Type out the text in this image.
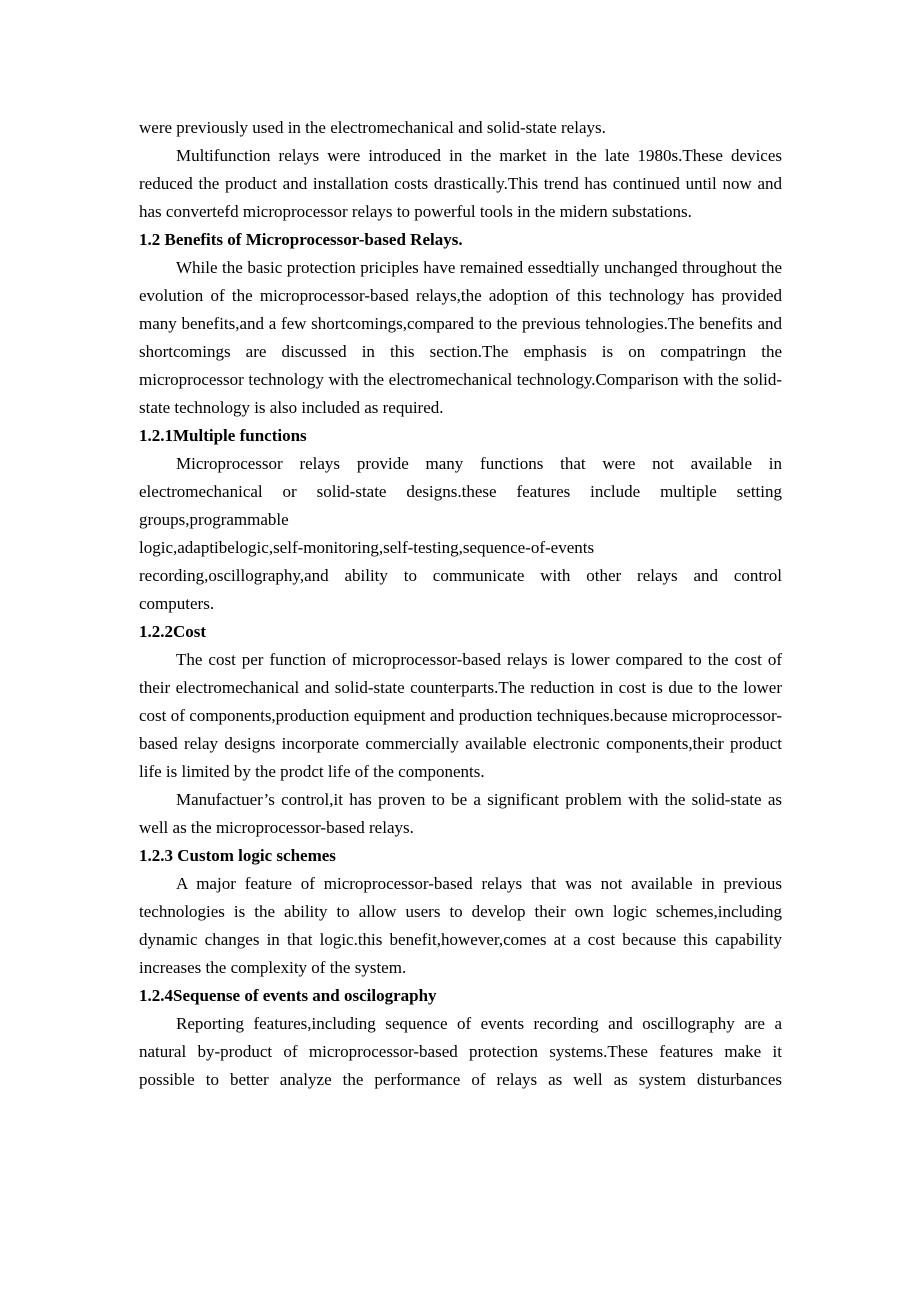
were previously used in the electromechanical and solid-state relays.

Multifunction relays were introduced in the market in the late 1980s.These devices reduced the product and installation costs drastically.This trend has continued until now and has convertefd microprocessor relays to powerful tools in the midern substations.

1.2 Benefits of Microprocessor-based Relays.

While the basic protection priciples have remained essedtially unchanged throughout the evolution of the microprocessor-based relays,the adoption of this technology has provided many benefits,and a few shortcomings,compared to the previous tehnologies.The benefits and shortcomings are discussed in this section.The emphasis is on compatringn the microprocessor technology with the electromechanical technology.Comparison with the solid-state technology is also included as required.

1.2.1Multiple functions

Microprocessor relays provide many functions that were not available in
electromechanical or solid-state designs.these features include multiple setting
groups,programmable
logic,adaptibelogic,self-monitoring,self-testing,sequence-of-events
recording,oscillography,and ability to communicate with other relays and control
computers.

1.2.2Cost

The cost per function of microprocessor-based relays is lower compared to the cost of their electromechanical and solid-state counterparts.The reduction in cost is due to the lower cost of components,production equipment and production techniques.because microprocessor-based relay designs incorporate commercially available electronic components,their product life is limited by the prodct life of the components.

Manufactuer’s control,it has proven to be a significant problem with the solid-state as well as the microprocessor-based relays.

1.2.3 Custom logic schemes

A major feature of microprocessor-based relays that was not available in previous technologies is the ability to allow users to develop their own logic schemes,including dynamic changes in that logic.this benefit,however,comes at a cost because this capability increases the complexity of the system.

1.2.4Sequense of events and oscilography

Reporting features,including sequence of events recording and oscillography are a natural by-product of microprocessor-based protection systems.These features make it possible to better analyze the performance of relays as well as system disturbances
